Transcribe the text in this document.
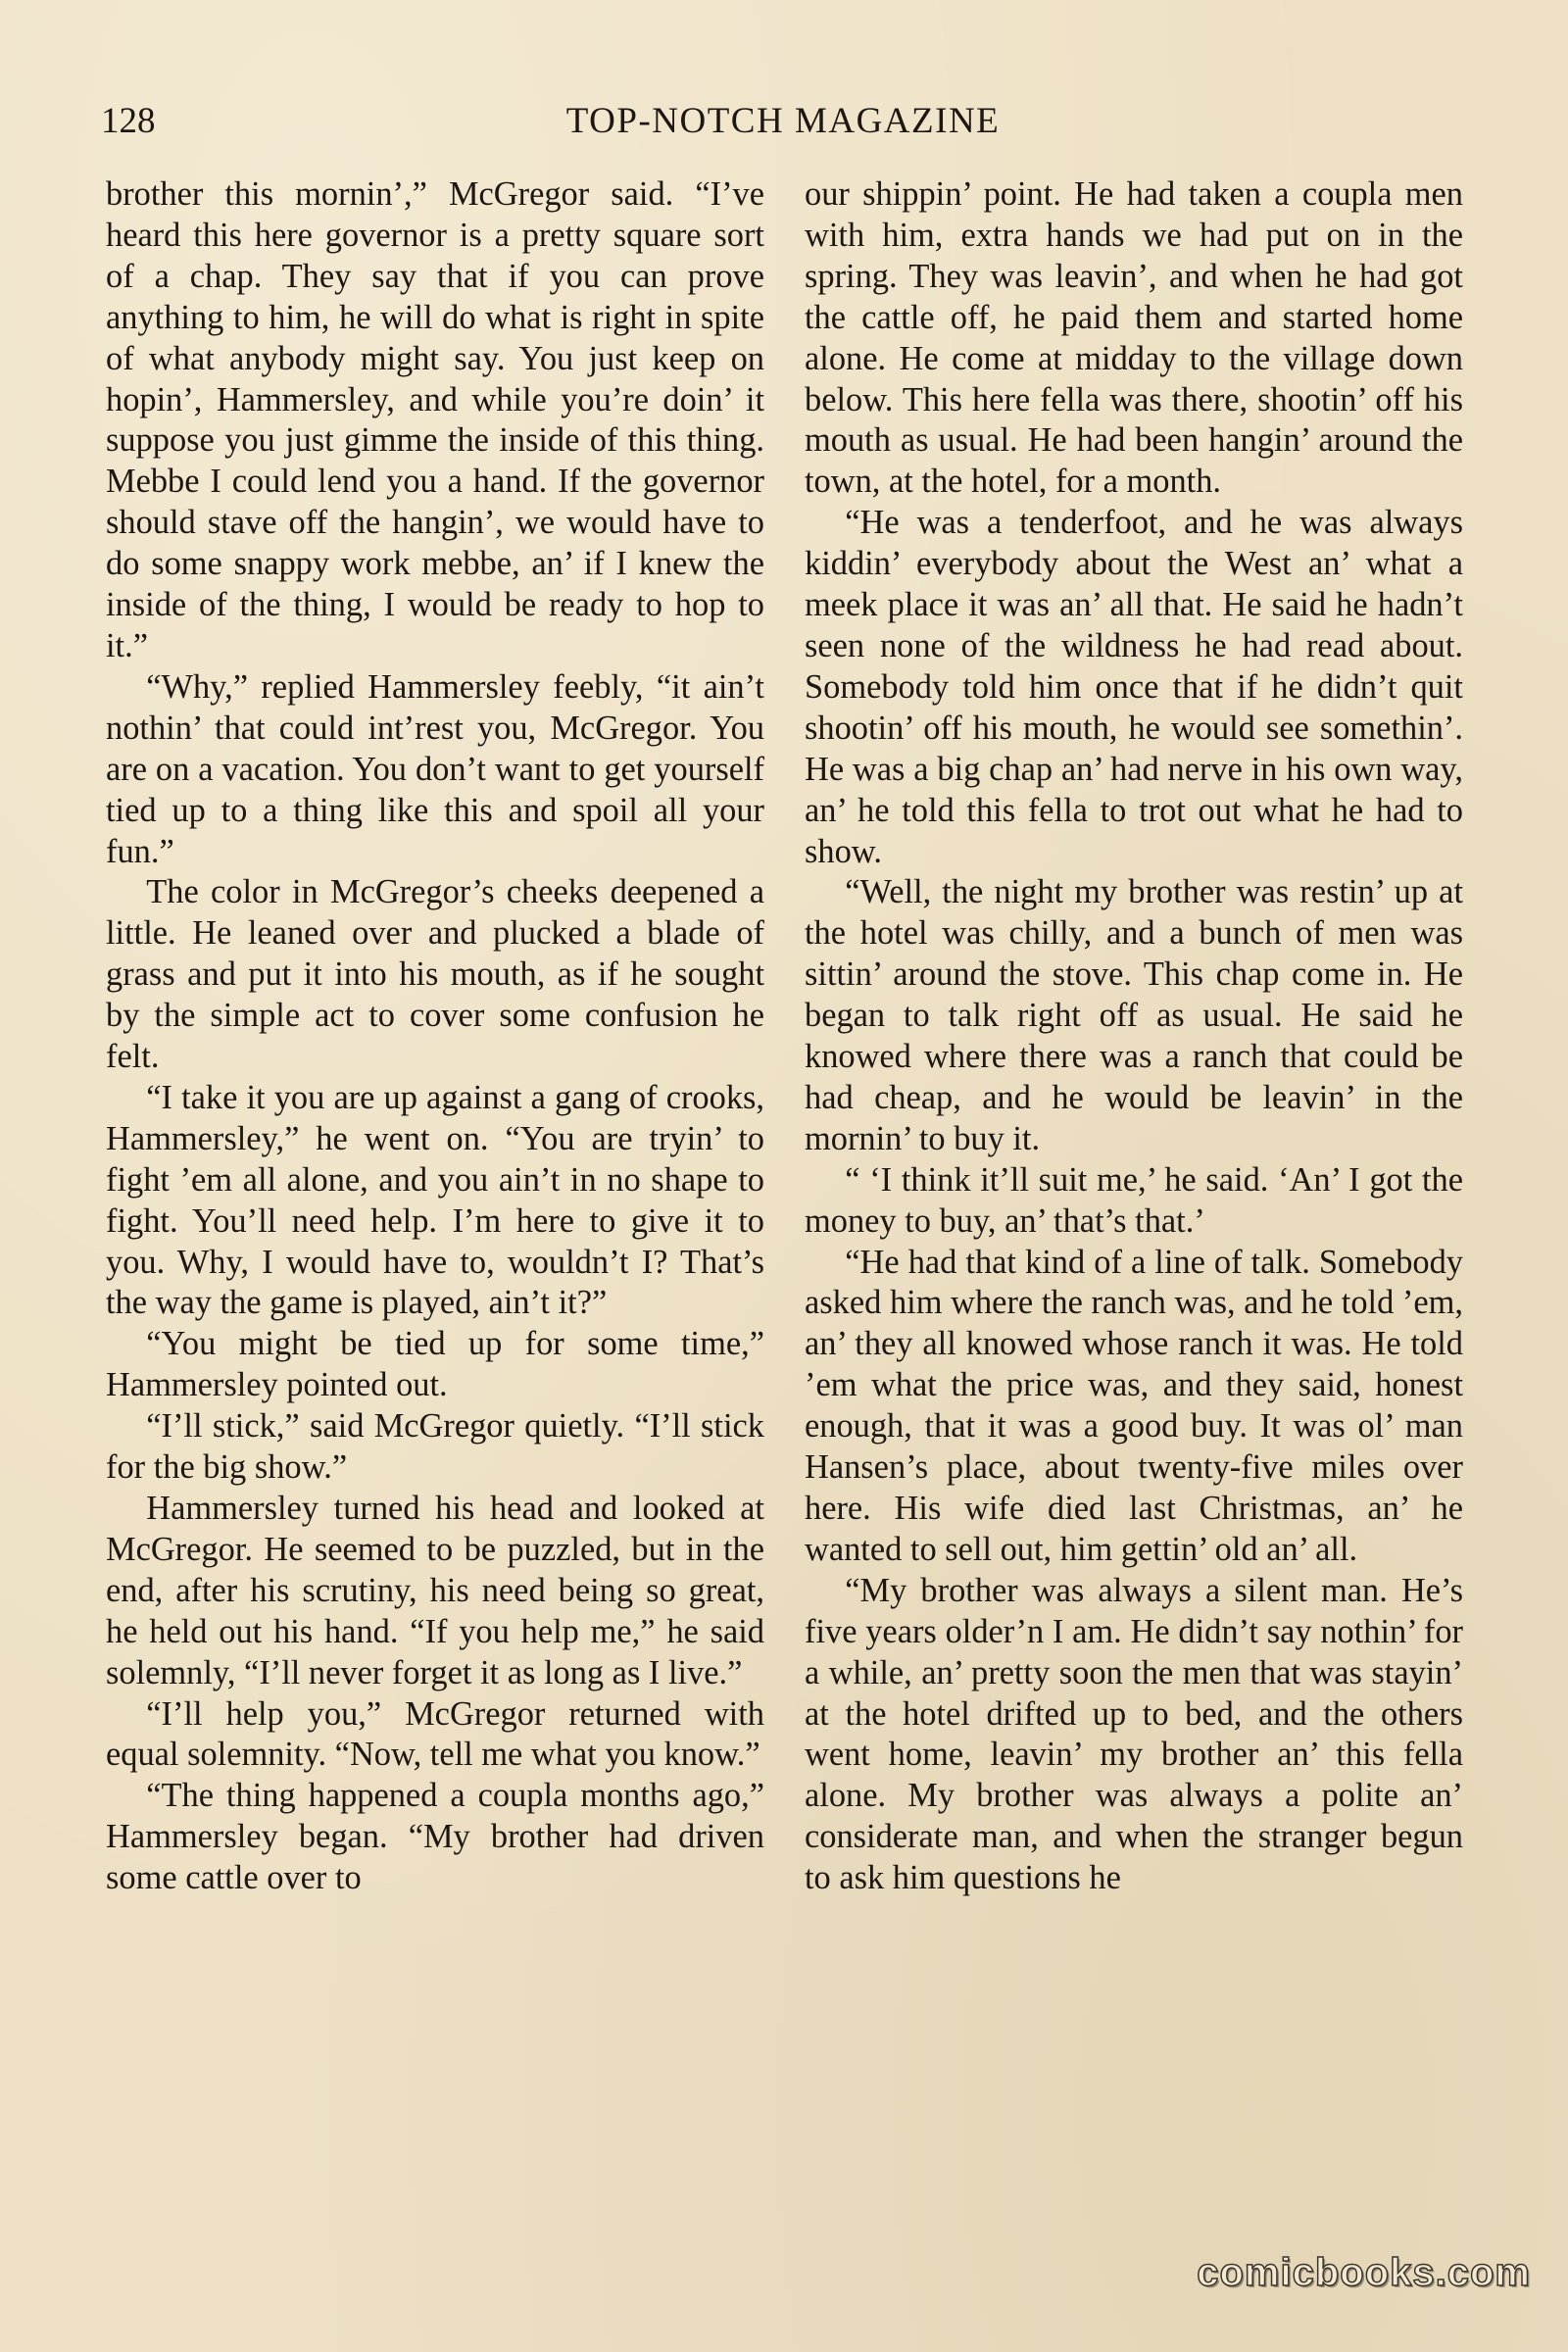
128	TOP-NOTCH MAGAZINE

brother this mornin’,” McGregor said. “I’ve heard this here governor is a pretty square sort of a chap. They say that if you can prove anything to him, he will do what is right in spite of what anybody might say. You just keep on hopin’, Hammersley, and while you’re doin’ it suppose you just gimme the inside of this thing. Mebbe I could lend you a hand. If the governor should stave off the hangin’, we would have to do some snappy work mebbe, an’ if I knew the inside of the thing, I would be ready to hop to it.”

“Why,” replied Hammersley feebly, “it ain’t nothin’ that could int’rest you, McGregor. You are on a vacation. You don’t want to get yourself tied up to a thing like this and spoil all your fun.”

The color in McGregor’s cheeks deepened a little. He leaned over and plucked a blade of grass and put it into his mouth, as if he sought by the simple act to cover some confusion he felt.

“I take it you are up against a gang of crooks, Hammersley,” he went on. “You are tryin’ to fight ’em all alone, and you ain’t in no shape to fight. You’ll need help. I’m here to give it to you. Why, I would have to, wouldn’t I? That’s the way the game is played, ain’t it?”

“You might be tied up for some time,” Hammersley pointed out.

“I’ll stick,” said McGregor quietly. “I’ll stick for the big show.”

Hammersley turned his head and looked at McGregor. He seemed to be puzzled, but in the end, after his scrutiny, his need being so great, he held out his hand. “If you help me,” he said solemnly, “I’ll never forget it as long as I live.”

“I’ll help you,” McGregor returned with equal solemnity. “Now, tell me what you know.”

“The thing happened a coupla months ago,” Hammersley began. “My brother had driven some cattle over to

our shippin’ point. He had taken a coupla men with him, extra hands we had put on in the spring. They was leavin’, and when he had got the cattle off, he paid them and started home alone. He come at midday to the village down below. This here fella was there, shootin’ off his mouth as usual. He had been hangin’ around the town, at the hotel, for a month.

“He was a tenderfoot, and he was always kiddin’ everybody about the West an’ what a meek place it was an’ all that. He said he hadn’t seen none of the wildness he had read about. Somebody told him once that if he didn’t quit shootin’ off his mouth, he would see somethin’. He was a big chap an’ had nerve in his own way, an’ he told this fella to trot out what he had to show.

“Well, the night my brother was restin’ up at the hotel was chilly, and a bunch of men was sittin’ around the stove. This chap come in. He began to talk right off as usual. He said he knowed where there was a ranch that could be had cheap, and he would be leavin’ in the mornin’ to buy it.

“ ‘I think it’ll suit me,’ he said. ‘An’ I got the money to buy, an’ that’s that.’

“He had that kind of a line of talk. Somebody asked him where the ranch was, and he told ’em, an’ they all knowed whose ranch it was. He told ’em what the price was, and they said, honest enough, that it was a good buy. It was ol’ man Hansen’s place, about twenty-five miles over here. His wife died last Christmas, an’ he wanted to sell out, him gettin’ old an’ all.

“My brother was always a silent man. He’s five years older’n I am. He didn’t say nothin’ for a while, an’ pretty soon the men that was stayin’ at the hotel drifted up to bed, and the others went home, leavin’ my brother an’ this fella alone. My brother was always a polite an’ considerate man, and when the stranger begun to ask him questions he

comicbooks.com
